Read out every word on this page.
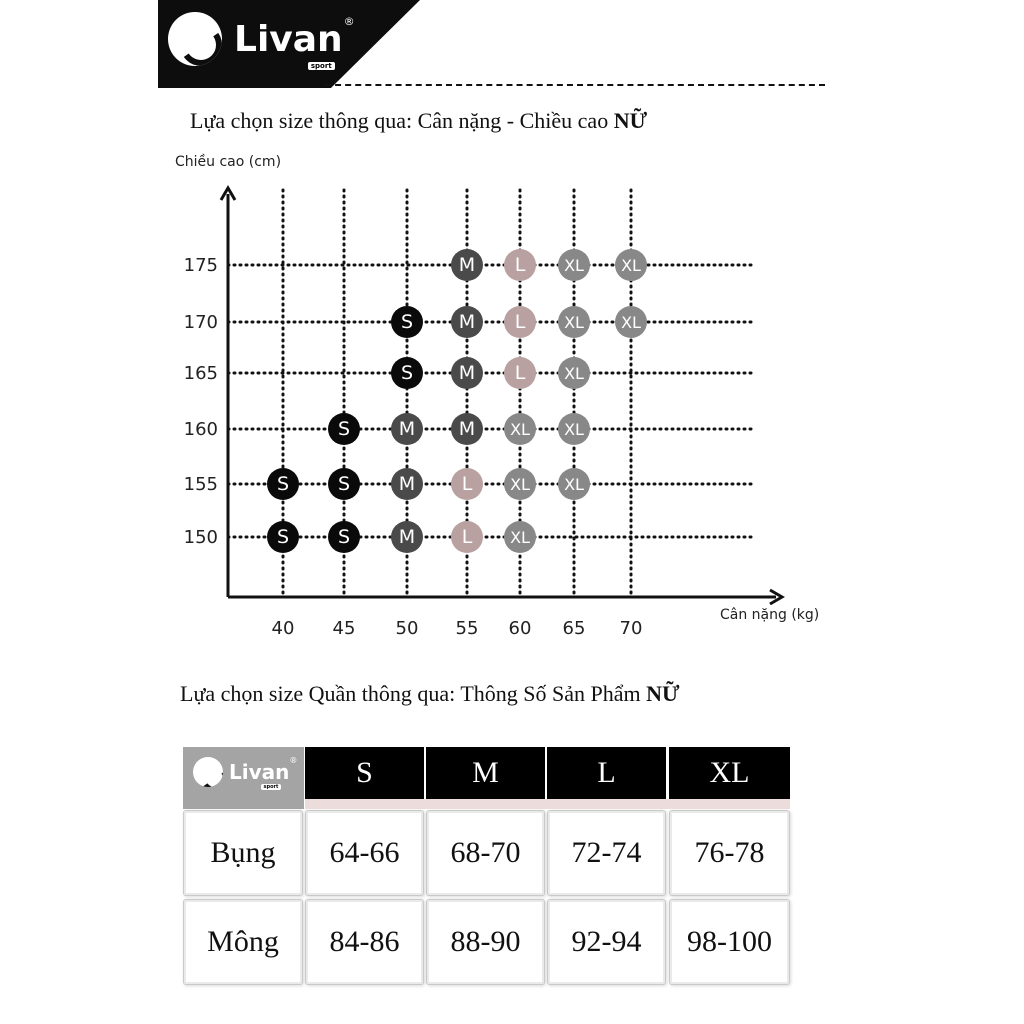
Livan ®
sport
Lựa chọn size thông qua: Cân nặng - Chiều cao NỮ
40 45 50 55 60 65 70
150
155
160
165
170
175	M L XL XL
S M L XL XL
S M L XL
S	M M XL XL
S	S	M L XL XL
S	S	M L XL
Chiều cao (cm)
Cân nặng (kg)
Lựa chọn size Quần thông qua: Thông Số Sản Phẩm NỮ
Livan ®
sport	S	M	L	XL
Bụng	64-66	68-70	72-74	76-78
Mông	84-86	88-90	92-94	98-100
